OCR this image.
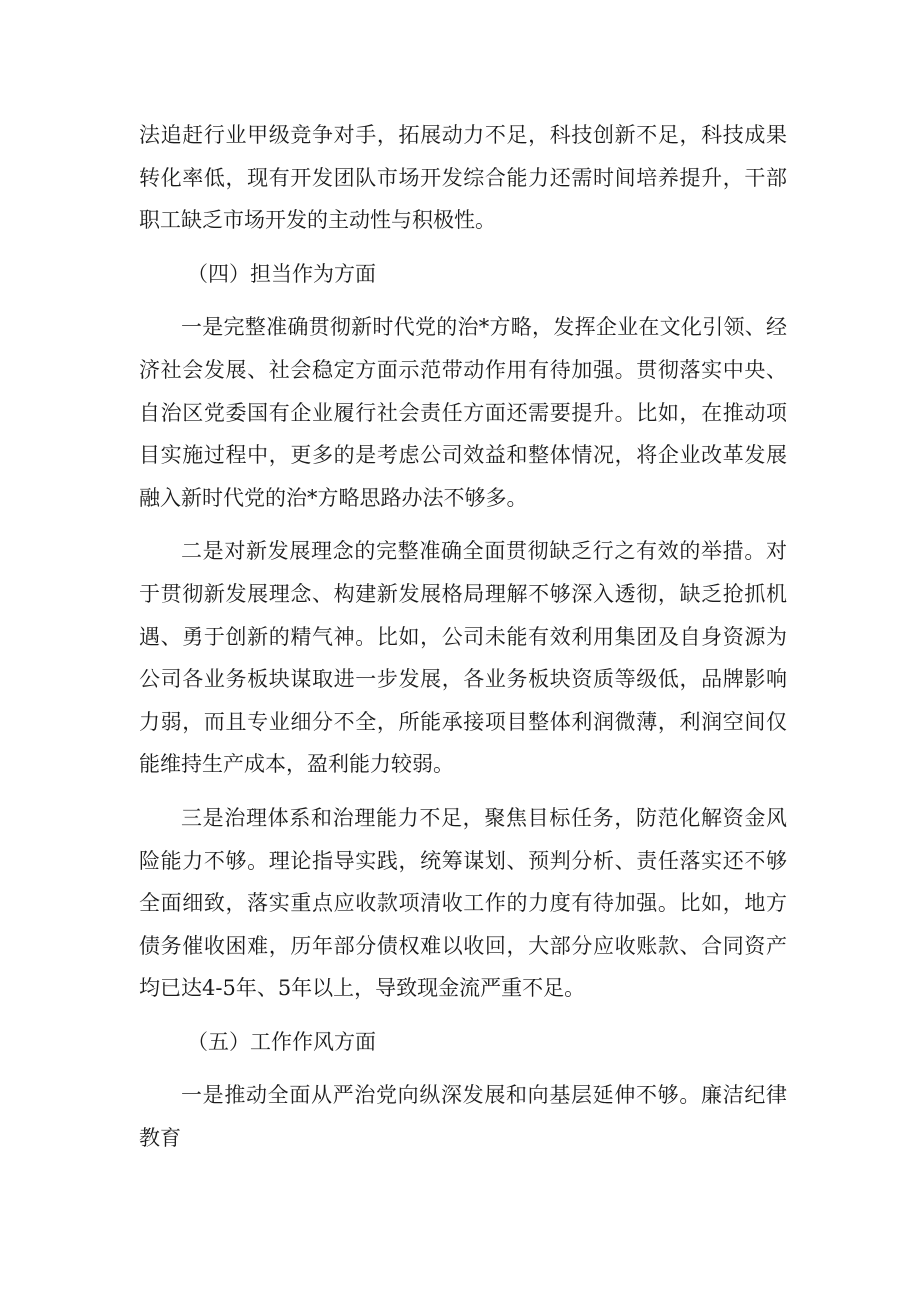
法追赶行业甲级竞争对手，拓展动力不足，科技创新不足，科技成果转化率低，现有开发团队市场开发综合能力还需时间培养提升，干部职工缺乏市场开发的主动性与积极性。

（四）担当作为方面

一是完整准确贯彻新时代党的治*方略，发挥企业在文化引领、经济社会发展、社会稳定方面示范带动作用有待加强。贯彻落实中央、自治区党委国有企业履行社会责任方面还需要提升。比如，在推动项目实施过程中，更多的是考虑公司效益和整体情况，将企业改革发展融入新时代党的治*方略思路办法不够多。

二是对新发展理念的完整准确全面贯彻缺乏行之有效的举措。对于贯彻新发展理念、构建新发展格局理解不够深入透彻，缺乏抢抓机遇、勇于创新的精气神。比如，公司未能有效利用集团及自身资源为公司各业务板块谋取进一步发展，各业务板块资质等级低，品牌影响力弱，而且专业细分不全，所能承接项目整体利润微薄，利润空间仅能维持生产成本，盈利能力较弱。

三是治理体系和治理能力不足，聚焦目标任务，防范化解资金风险能力不够。理论指导实践，统筹谋划、预判分析、责任落实还不够全面细致，落实重点应收款项清收工作的力度有待加强。比如，地方债务催收困难，历年部分债权难以收回，大部分应收账款、合同资产均已达4-5年、5年以上，导致现金流严重不足。

（五）工作作风方面

一是推动全面从严治党向纵深发展和向基层延伸不够。廉洁纪律教育
